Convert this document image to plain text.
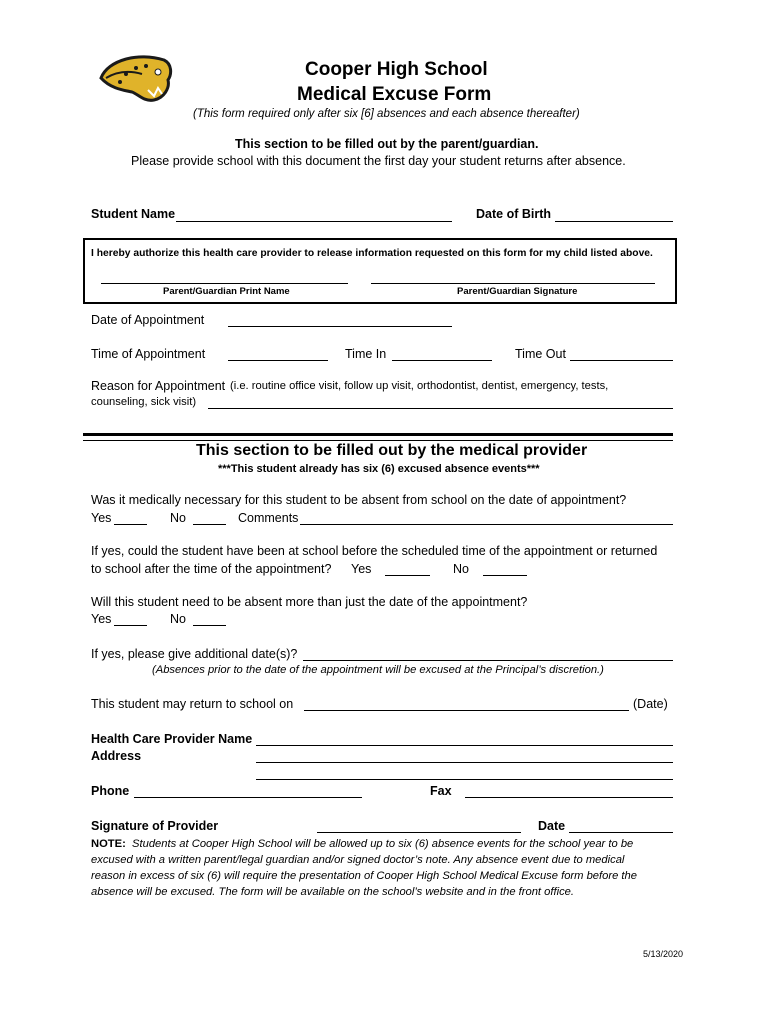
Cooper High School
Medical Excuse Form
(This form required only after six [6] absences and each absence thereafter)
This section to be filled out by the parent/guardian.
Please provide school with this document the first day your student returns after absence.
Student Name	Date of Birth
I hereby authorize this health care provider to release information requested on this form for my child listed above.
Parent/Guardian Print Name	Parent/Guardian Signature
Date of Appointment
Time of Appointment	Time In	Time Out
Reason for Appointment (i.e. routine office visit, follow up visit, orthodontist, dentist, emergency, tests,
counseling, sick visit)
This section to be filled out by the medical provider
***This student already has six (6) excused absence events***
Was it medically necessary for this student to be absent from school on the date of appointment?
Yes	No	Comments
If yes, could the student have been at school before the scheduled time of the appointment or returned
to school after the time of the appointment? Yes	No
Will this student need to be absent more than just the date of the appointment?
Yes	No
If yes, please give additional date(s)?
(Absences prior to the date of the appointment will be excused at the Principal’s discretion.)
This student may return to school on	(Date)
Health Care Provider Name
Address
Phone	Fax
Signature of Provider	Date
NOTE: Students at Cooper High School will be allowed up to six (6) absence events for the school year to be
excused with a written parent/legal guardian and/or signed doctor’s note. Any absence event due to medical
reason in excess of six (6) will require the presentation of Cooper High School Medical Excuse form before the
absence will be excused. The form will be available on the school’s website and in the front office.
5/13/2020
